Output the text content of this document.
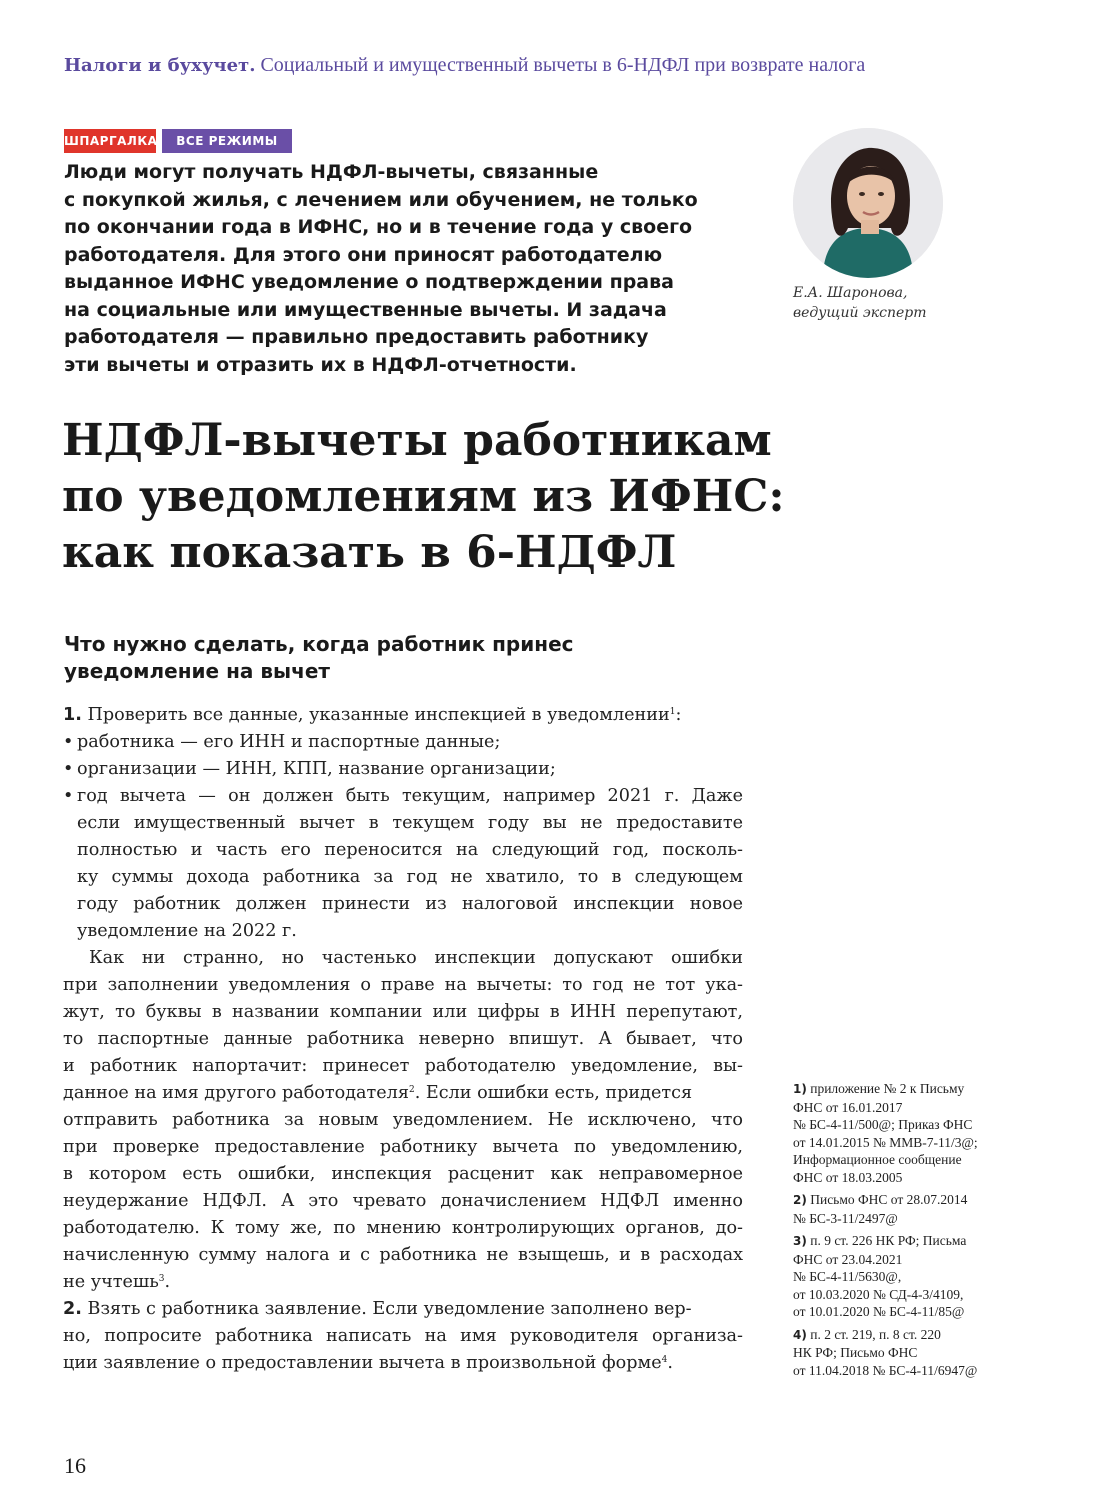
Налоги и бухучет. Социальный и имущественный вычеты в 6-НДФЛ при возврате налога
ШПАРГАЛКА	ВСЕ РЕЖИМЫ
Люди могут получать НДФЛ-вычеты, связанные
с покупкой жилья, с лечением или обучением, не только
по окончании года в ИФНС, но и в течение года у своего
работодателя. Для этого они приносят работодателю
выданное ИФНС уведомление о подтверждении права
на социальные или имущественные вычеты. И задача
работодателя — правильно предоставить работнику
эти вычеты и отразить их в НДФЛ-отчетности.
Е.А. Шаронова,
ведущий эксперт
НДФЛ-вычеты работникам
по уведомлениям из ИФНС:
как показать в 6-НДФЛ
Что нужно сделать, когда работник принес
уведомление на вычет
1. Проверить все данные, указанные инспекцией в уведомлении$^1$:
• работника — его ИНН и паспортные данные;
• организации — ИНН, КПП, название организации;
• год вычета — он должен быть текущим, например 2021 г. Даже
если имущественный вычет в текущем году вы не предоставите
полностью и часть его переносится на следующий год, посколь-
ку суммы дохода работника за год не хватило, то в следующем
году работник должен принести из налоговой инспекции новое
уведомление на 2022 г.
Как ни странно, но частенько инспекции допускают ошибки
при заполнении уведомления о праве на вычеты: то год не тот ука-
жут, то буквы в названии компании или цифры в ИНН перепутают,
то паспортные данные работника неверно впишут. А бывает, что
и работник напортачит: принесет работодателю уведомление, вы-
данное на имя другого работодателя$^2$. Если ошибки есть, придется
отправить работника за новым уведомлением. Не исключено, что
при проверке предоставление работнику вычета по уведомлению,
в котором есть ошибки, инспекция расценит как неправомерное
неудержание НДФЛ. А это чревато доначислением НДФЛ именно
работодателю. К тому же, по мнению контролирующих органов, до-
начисленную сумму налога и с работника не взыщешь, и в расходах
не учтешь$^3$.
2. Взять с работника заявление. Если уведомление заполнено вер-
но, попросите работника написать на имя руководителя организа-
ции заявление о предоставлении вычета в произвольной форме$^4$.
1) приложение № 2 к Письму
ФНС от 16.01.2017
№ БС-4-11/500@; Приказ ФНС
от 14.01.2015 № ММВ-7-11/3@;
Информационное сообщение
ФНС от 18.03.2005
2) Письмо ФНС от 28.07.2014
№ БС-3-11/2497@
3) п. 9 ст. 226 НК РФ; Письма
ФНС от 23.04.2021
№ БС-4-11/5630@,
от 10.03.2020 № СД-4-3/4109,
от 10.01.2020 № БС-4-11/85@
4) п. 2 ст. 219, п. 8 ст. 220
НК РФ; Письмо ФНС
от 11.04.2018 № БС-4-11/6947@
16
